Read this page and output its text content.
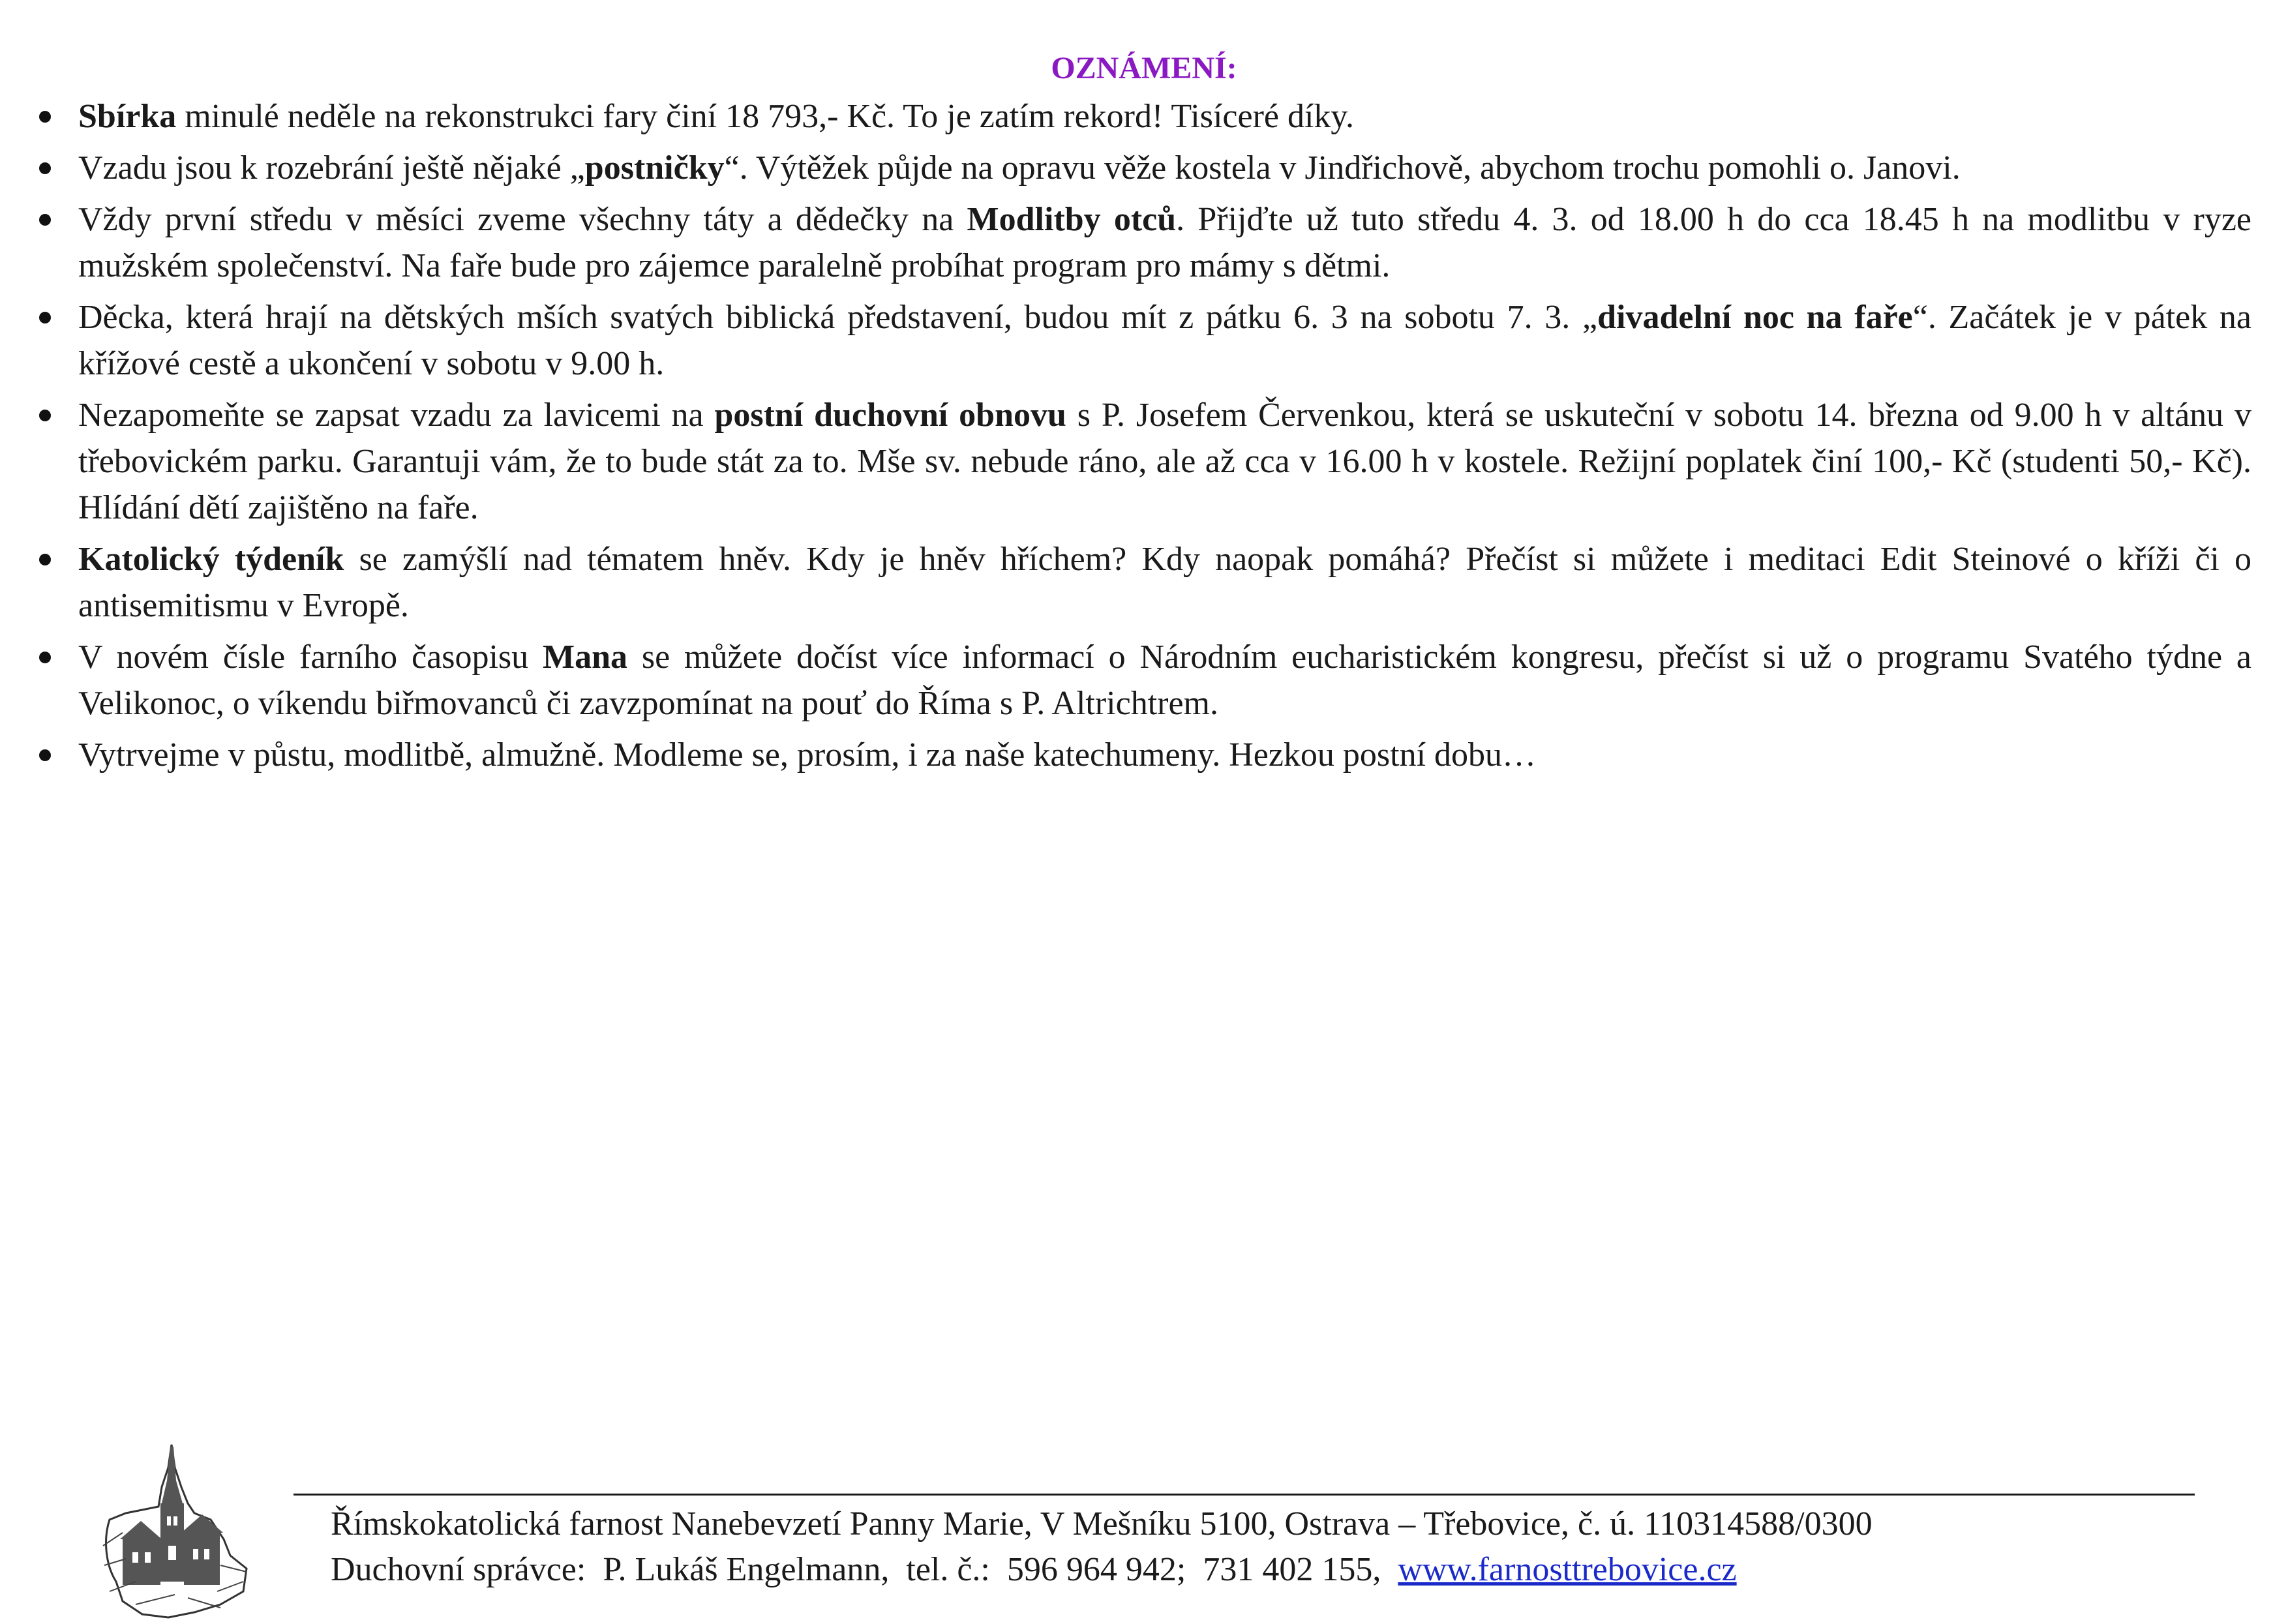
OZNÁMENÍ:
Sbírka minulé neděle na rekonstrukci fary činí 18 793,- Kč. To je zatím rekord! Tisíceré díky.
Vzadu jsou k rozebrání ještě nějaké „postničky“. Výtěžek půjde na opravu věže kostela v Jindřichově, abychom trochu pomohli o. Janovi.
Vždy první středu v měsíci zveme všechny táty a dědečky na Modlitby otců. Přijďte už tuto středu 4. 3. od 18.00 h do cca 18.45 h na modlitbu v ryze mužském společenství. Na faře bude pro zájemce paralelně probíhat program pro mámy s dětmi.
Děcka, která hrají na dětských mších svatých biblická představení, budou mít z pátku 6. 3 na sobotu 7. 3. „divadelní noc na faře“. Začátek je v pátek na křížové cestě a ukončení v sobotu v 9.00 h.
Nezapomeňte se zapsat vzadu za lavicemi na postní duchovní obnovu s P. Josefem Červenkou, která se uskuteční v sobotu 14. března od 9.00 h v altánu v třebovickém parku. Garantuji vám, že to bude stát za to. Mše sv. nebude ráno, ale až cca v 16.00 h v kostele. Režijní poplatek činí 100,- Kč (studenti 50,- Kč). Hlídání dětí zajištěno na faře.
Katolický týdeník se zamýšlí nad tématem hněv. Kdy je hněv hříchem? Kdy naopak pomáhá? Přečíst si můžete i meditaci Edit Steinové o kříži či o antisemitismu v Evropě.
V novém čísle farního časopisu Mana se můžete dočíst více informací o Národním eucharistickém kongresu, přečíst si už o programu Svatého týdne a Velikonoc, o víkendu biřmovanců či zavzpomínat na pouť do Říma s P. Altrichtrem.
Vytrvejme v půstu, modlitbě, almužně. Modleme se, prosím, i za naše katechumeny. Hezkou postní dobu…
Římskokatolická farnost Nanebevzetí Panny Marie, V Mešníku 5100, Ostrava – Třebovice, č. ú. 110314588/0300
Duchovní správce:  P. Lukáš Engelmann,  tel. č.:  596 964 942;  731 402 155,  www.farnosttrebovice.cz
